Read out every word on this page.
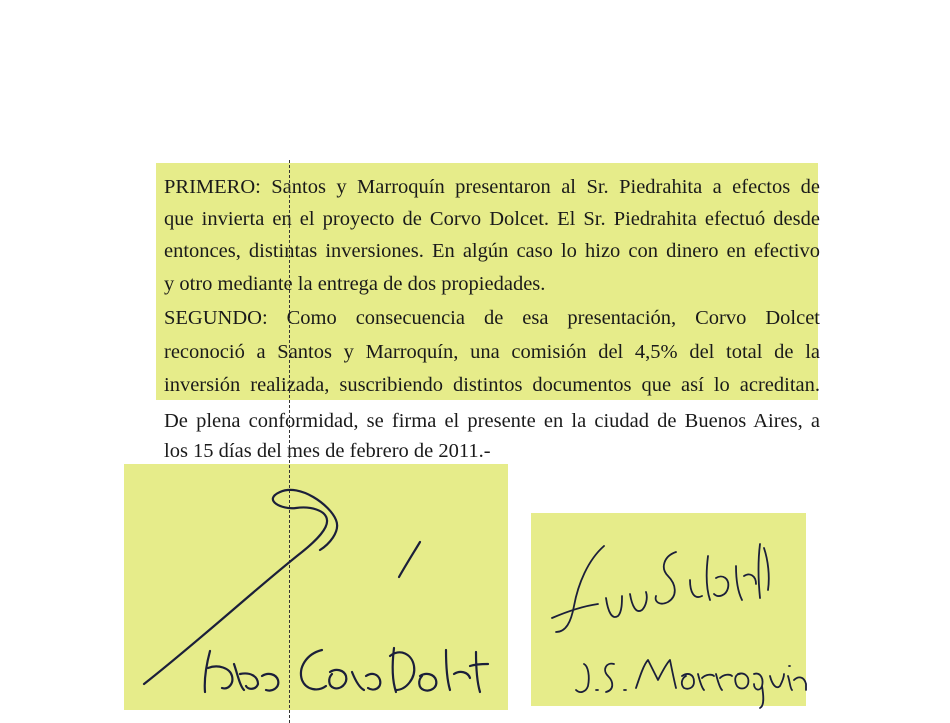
PRIMERO: Santos y Marroquín presentaron al Sr. Piedrahita a efectos de
que invierta en el proyecto de Corvo Dolcet. El Sr. Piedrahita efectuó desde
entonces, distintas inversiones. En algún caso lo hizo con dinero en efectivo
y otro mediante la entrega de dos propiedades.
SEGUNDO: Como consecuencia de esa presentación, Corvo Dolcet
reconoció a Santos y Marroquín, una comisión del 4,5% del total de la
inversión realizada, suscribiendo distintos documentos que así lo acreditan.
De plena conformidad, se firma el presente en la ciudad de Buenos Aires, a
los 15 días del mes de febrero de 2011.-
